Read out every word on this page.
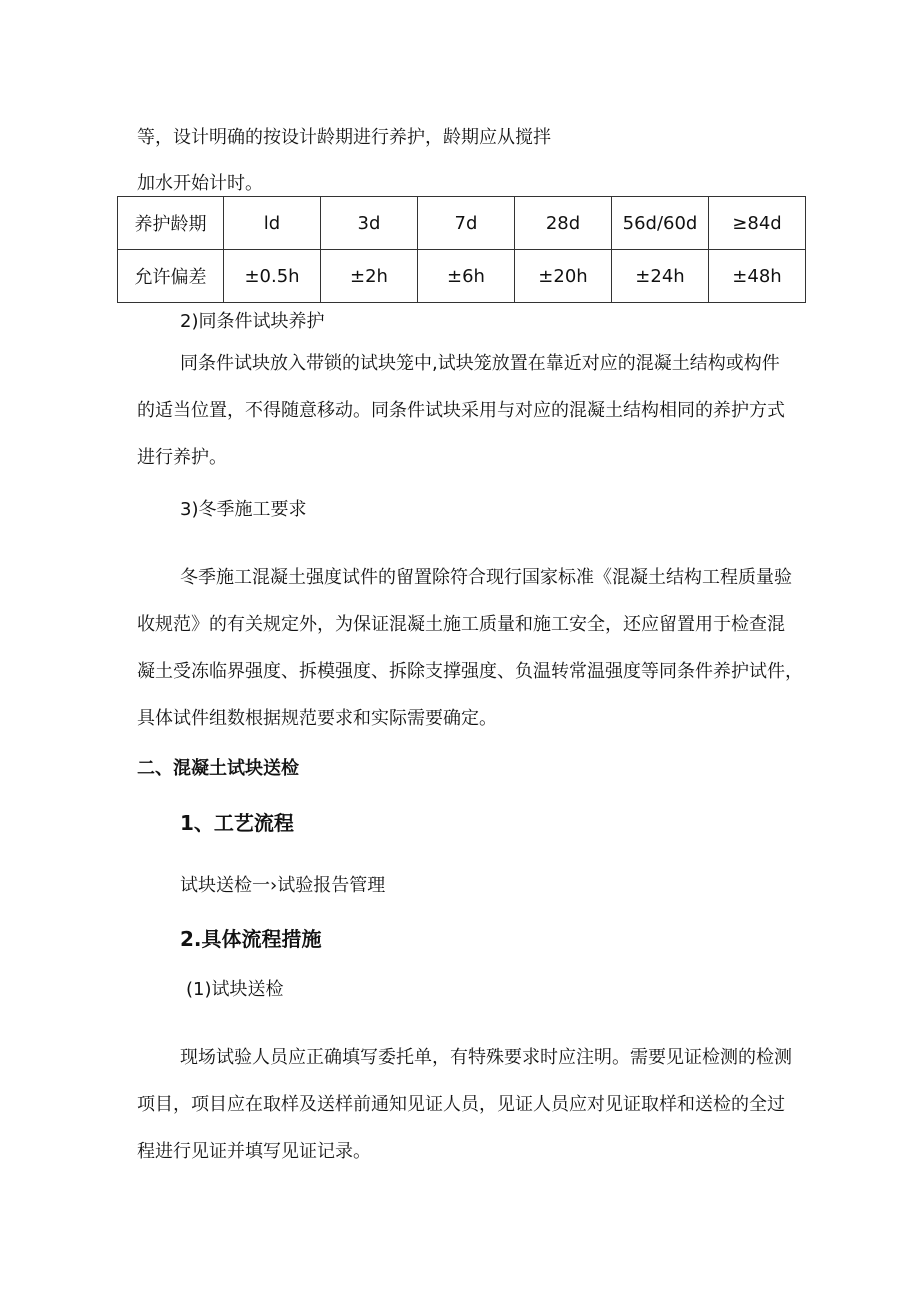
等，设计明确的按设计龄期进行养护，龄期应从搅拌

加水开始计时。

养护龄期	ld	3d	7d	28d	56d/60d	≥84d
允许偏差	±0.5h	±2h	±6h	±20h	±24h	±48h

2)同条件试块养护

同条件试块放入带锁的试块笼中,试块笼放置在靠近对应的混凝土结构或构件

的适当位置，不得随意移动。同条件试块采用与对应的混凝土结构相同的养护方式

进行养护。

3)冬季施工要求

冬季施工混凝土强度试件的留置除符合现行国家标准《混凝土结构工程质量验

收规范》的有关规定外，为保证混凝土施工质量和施工安全，还应留置用于检查混

凝土受冻临界强度、拆模强度、拆除支撑强度、负温转常温强度等同条件养护试件，

具体试件组数根据规范要求和实际需要确定。

二、混凝土试块送检

1、工艺流程

试块送检一›试验报告管理

2.具体流程措施

(1)试块送检

现场试验人员应正确填写委托单，有特殊要求时应注明。需要见证检测的检测

项目，项目应在取样及送样前通知见证人员，见证人员应对见证取样和送检的全过

程进行见证并填写见证记录。
